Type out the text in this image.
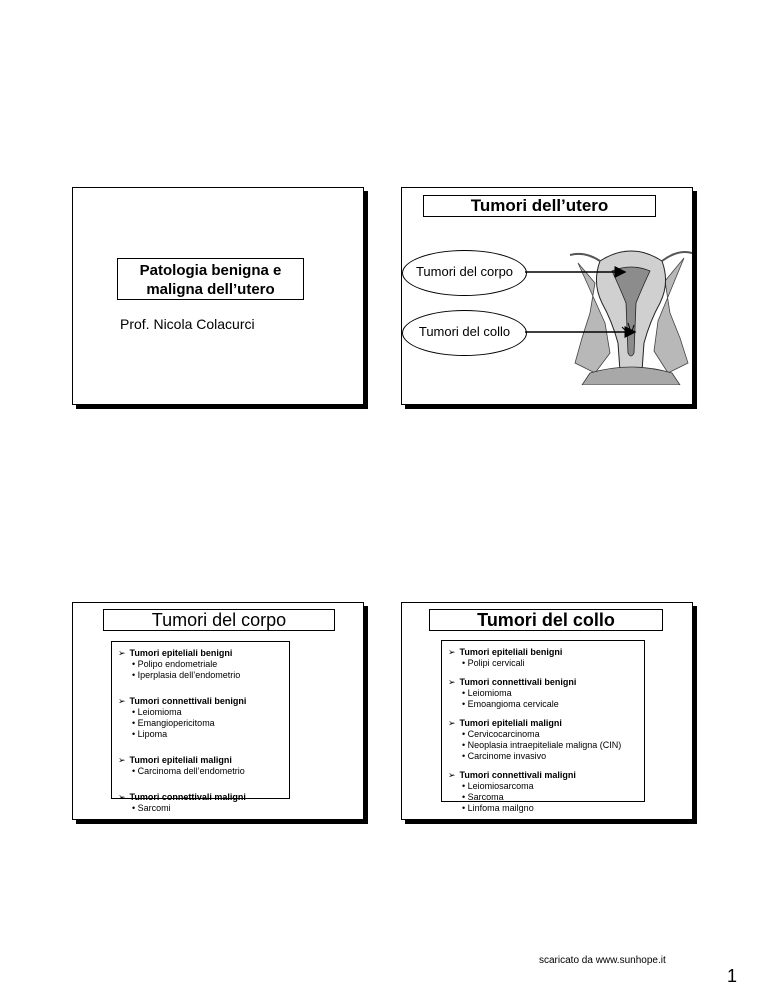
Patologia benigna e maligna dell’utero
Prof. Nicola Colacurci
Tumori dell’utero
Tumori del corpo
Tumori del collo
Tumori del corpo
➢ Tumori epiteliali benigni
• Polipo endometriale
• Iperplasia dell’endometrio
➢ Tumori connettivali benigni
• Leiomioma
• Emangiopericitoma
• Lipoma
➢ Tumori epiteliali maligni
• Carcinoma dell’endometrio
➢ Tumori connettivali maligni
• Sarcomi
Tumori del collo
➢ Tumori epiteliali benigni
• Polipi cervicali
➢ Tumori connettivali benigni
• Leiomioma
• Emoangioma cervicale
➢ Tumori epiteliali maligni
• Cervicocarcinoma
• Neoplasia intraepiteliale maligna (CIN)
• Carcinome invasivo
➢ Tumori connettivali maligni
• Leiomiosarcoma
• Sarcoma
• Linfoma mailgno
scaricato da www.sunhope.it
1
